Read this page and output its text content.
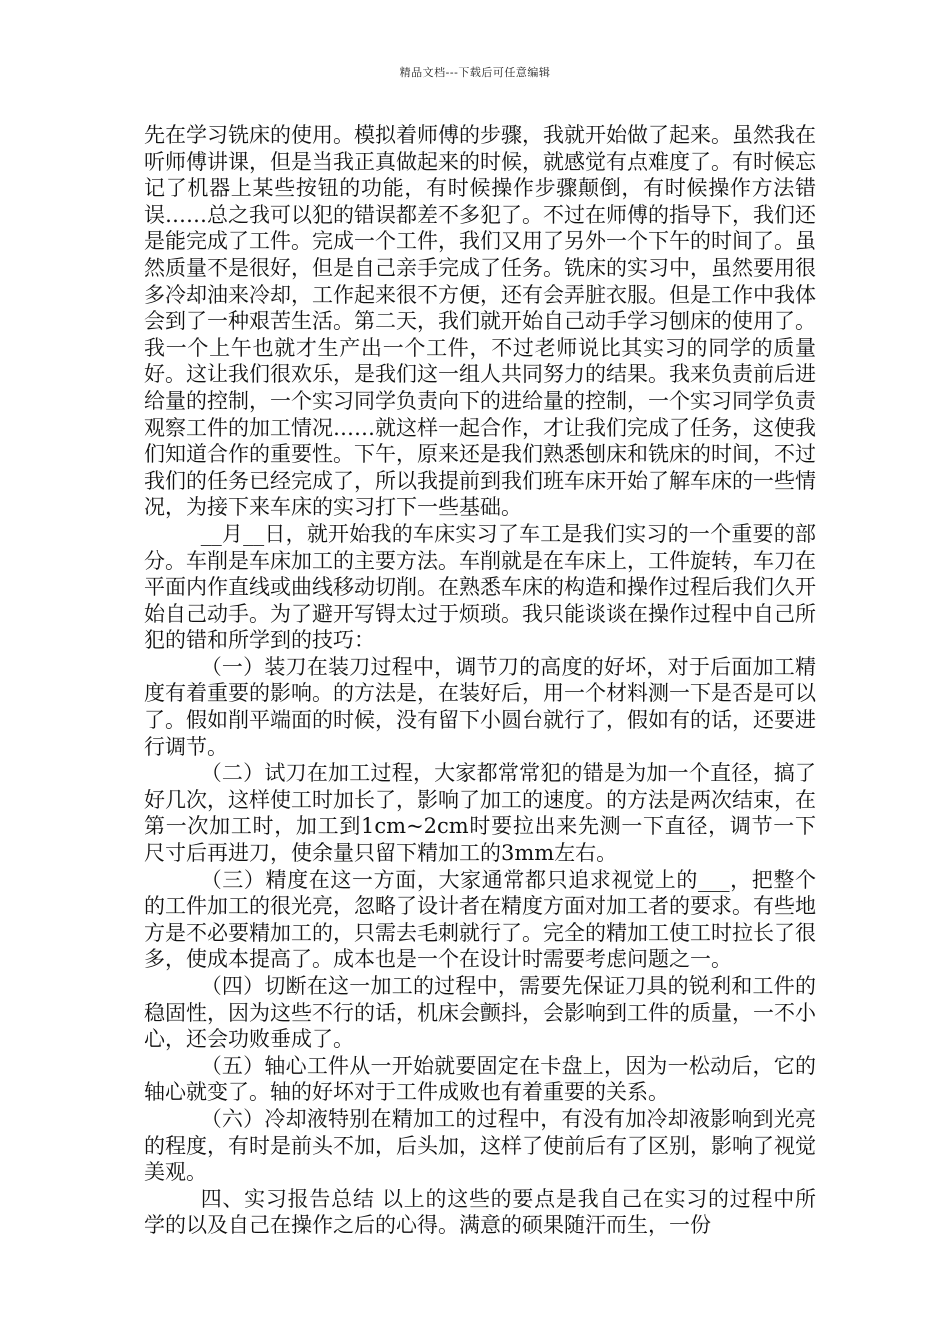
精品文档---下载后可任意编辑

先在学习铣床的使用。模拟着师傅的步骤，我就开始做了起来。虽然我在听师傅讲课，但是当我正真做起来的时候，就感觉有点难度了。有时候忘记了机器上某些按钮的功能，有时候操作步骤颠倒，有时候操作方法错误……总之我可以犯的错误都差不多犯了。不过在师傅的指导下，我们还是能完成了工件。完成一个工件，我们又用了另外一个下午的时间了。虽然质量不是很好，但是自己亲手完成了任务。铣床的实习中，虽然要用很多冷却油来冷却，工作起来很不方便，还有会弄脏衣服。但是工作中我体会到了一种艰苦生活。第二天，我们就开始自己动手学习刨床的使用了。我一个上午也就才生产出一个工件，不过老师说比其实习的同学的质量好。这让我们很欢乐，是我们这一组人共同努力的结果。我来负责前后进给量的控制，一个实习同学负责向下的进给量的控制，一个实习同学负责观察工件的加工情况……就这样一起合作，才让我们完成了任务，这使我们知道合作的重要性。下午，原来还是我们熟悉刨床和铣床的时间，不过我们的任务已经完成了，所以我提前到我们班车床开始了解车床的一些情况，为接下来车床的实习打下一些基础。

__月__日，就开始我的车床实习了车工是我们实习的一个重要的部分。车削是车床加工的主要方法。车削就是在车床上，工件旋转，车刀在平面内作直线或曲线移动切削。在熟悉车床的构造和操作过程后我们久开始自己动手。为了避开写锝太过于烦琐。我只能谈谈在操作过程中自己所犯的错和所学到的技巧：

（一）装刀在装刀过程中，调节刀的高度的好坏，对于后面加工精度有着重要的影响。的方法是，在装好后，用一个材料测一下是否是可以了。假如削平端面的时候，没有留下小圆台就行了，假如有的话，还要进行调节。

（二）试刀在加工过程，大家都常常犯的错是为加一个直径，搞了好几次，这样使工时加长了，影响了加工的速度。的方法是两次结束，在第一次加工时，加工到1cm~2cm时要拉出来先测一下直径，调节一下尺寸后再进刀，使余量只留下精加工的3mm左右。

（三）精度在这一方面，大家通常都只追求视觉上的___，把整个的工件加工的很光亮，忽略了设计者在精度方面对加工者的要求。有些地方是不必要精加工的，只需去毛刺就行了。完全的精加工使工时拉长了很多，使成本提高了。成本也是一个在设计时需要考虑问题之一。

（四）切断在这一加工的过程中，需要先保证刀具的锐利和工件的稳固性，因为这些不行的话，机床会颤抖，会影响到工件的质量，一不小心，还会功败垂成了。

（五）轴心工件从一开始就要固定在卡盘上，因为一松动后，它的轴心就变了。轴的好坏对于工件成败也有着重要的关系。

（六）冷却液特别在精加工的过程中，有没有加冷却液影响到光亮的程度，有时是前头不加，后头加，这样了使前后有了区别，影响了视觉美观。

四、实习报告总结 以上的这些的要点是我自己在实习的过程中所学的以及自己在操作之后的心得。满意的硕果随汗而生，一份
